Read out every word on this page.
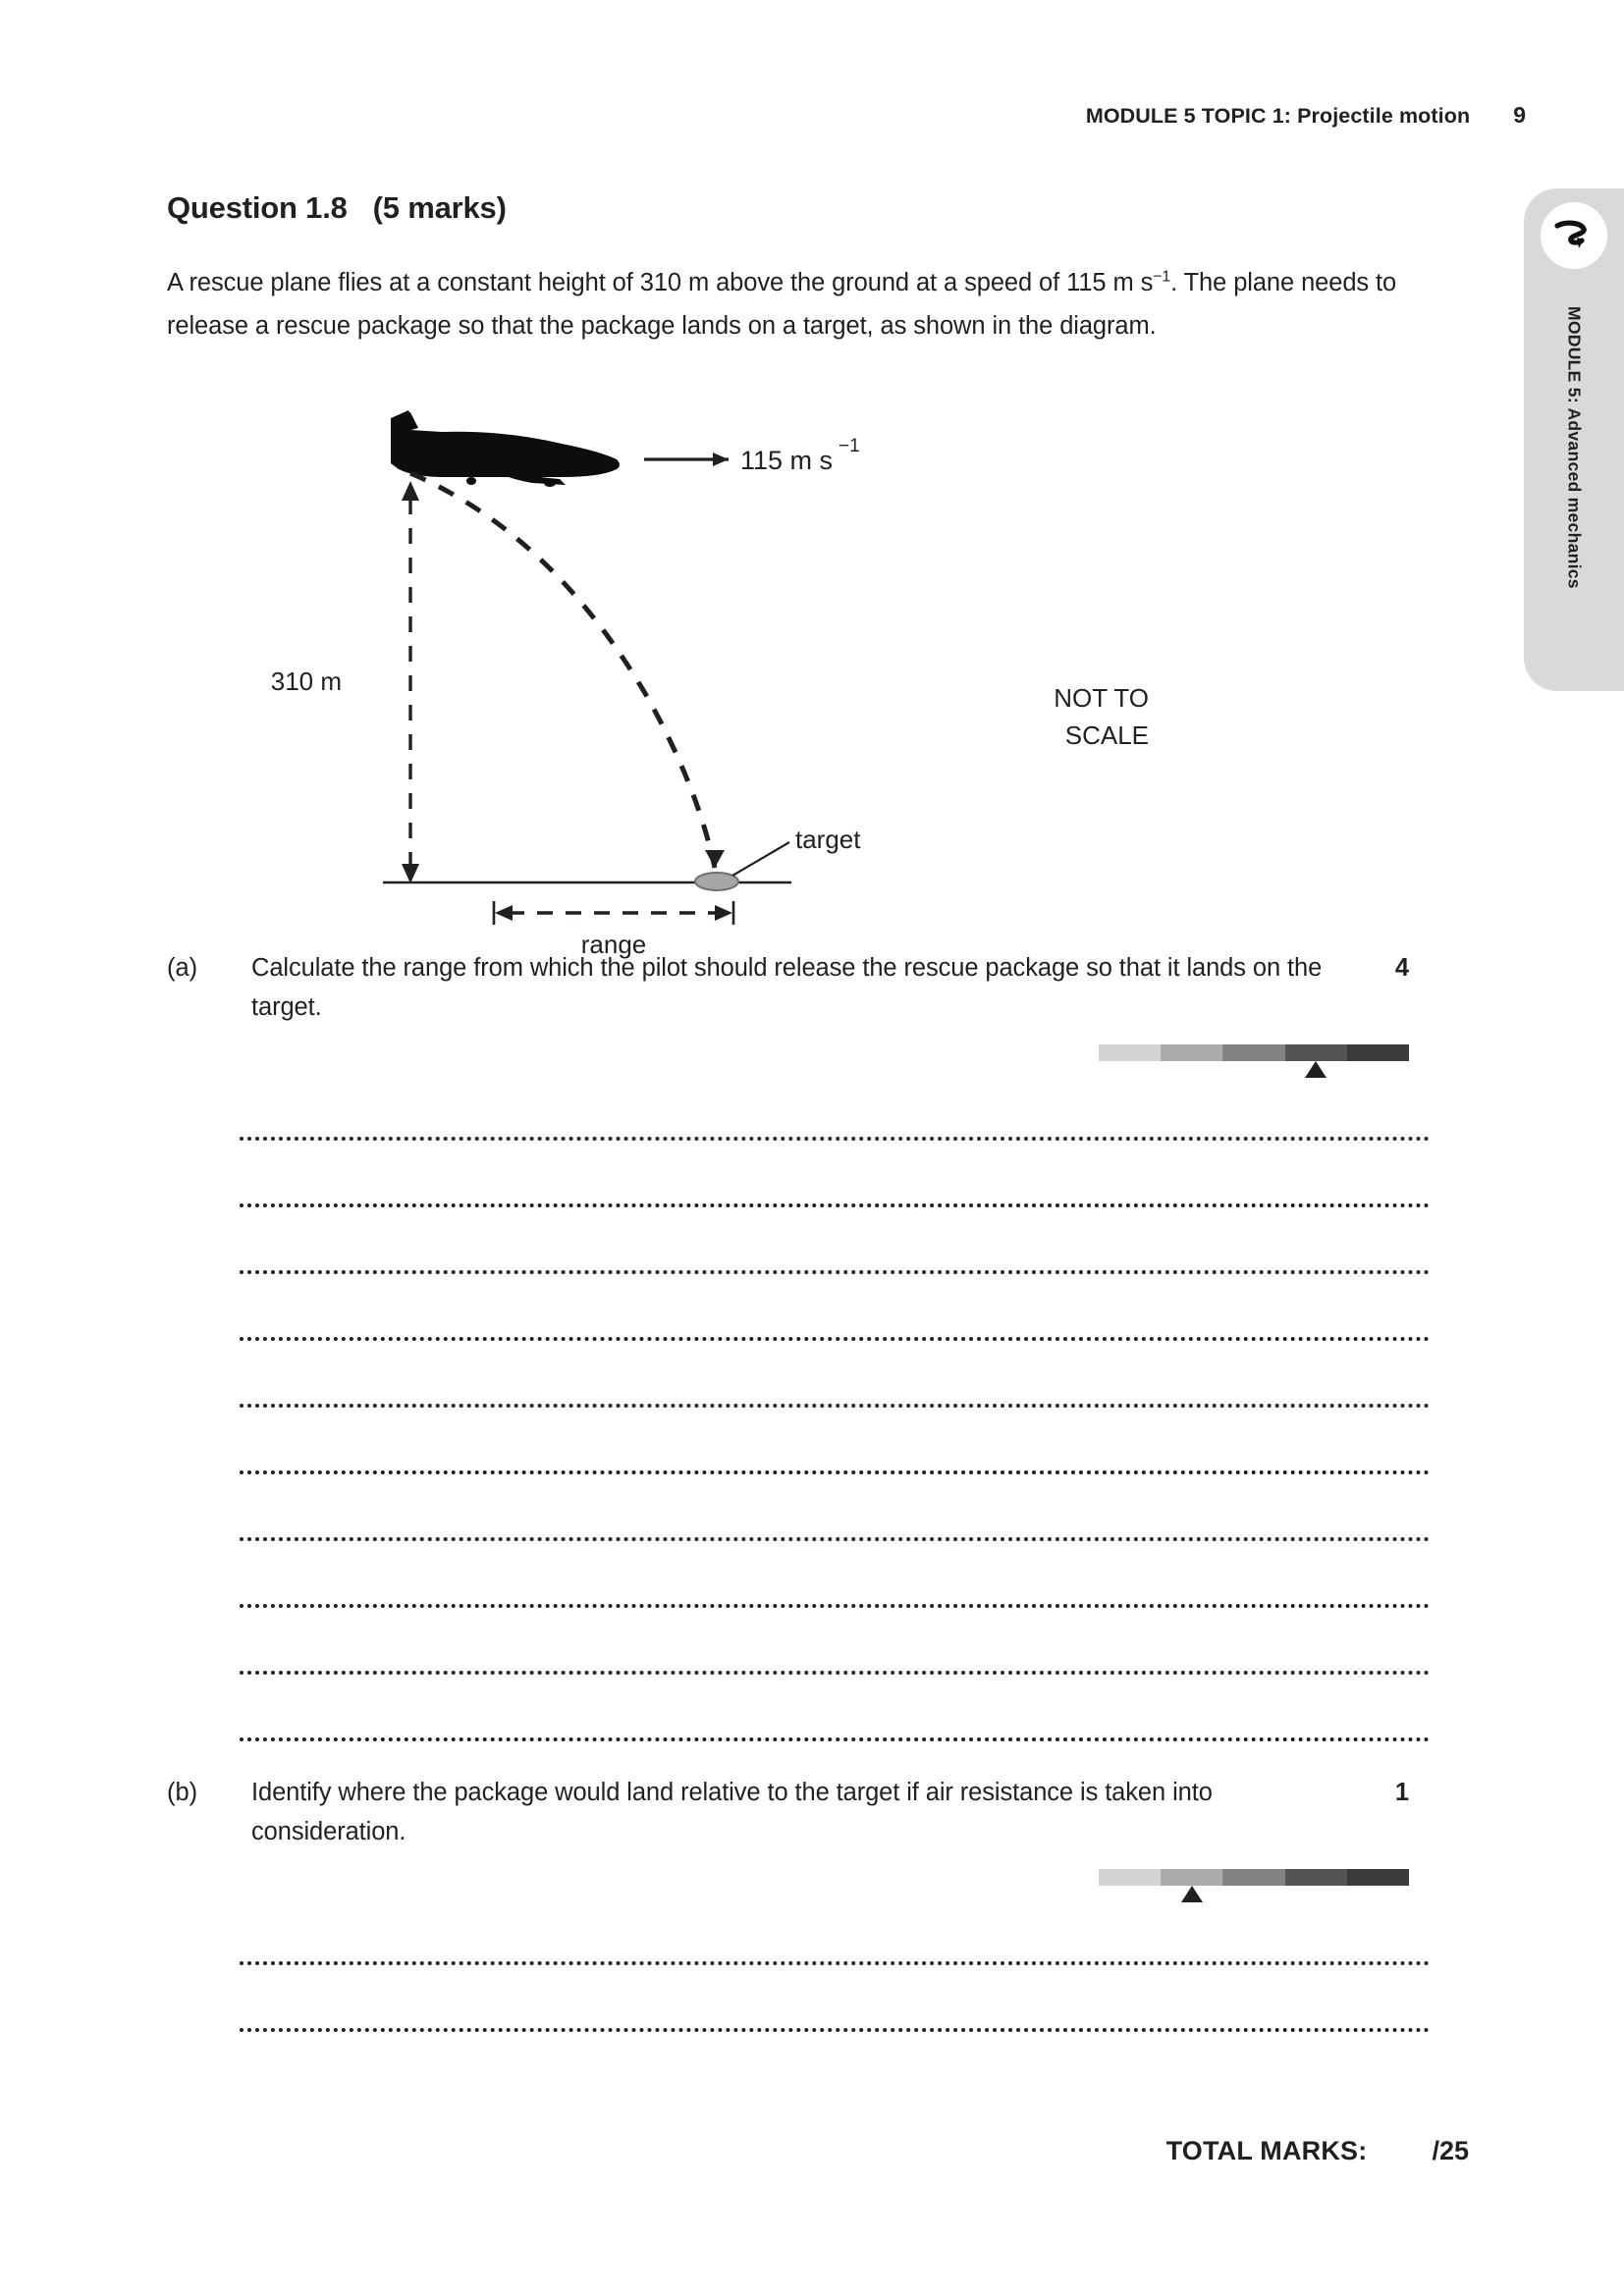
MODULE 5 TOPIC 1: Projectile motion 9
MODULE 5: Advanced mechanics
Question 1.8 (5 marks)
A rescue plane flies at a constant height of 310 m above the ground at a speed of 115 m $s^{-1}$. The plane needs to release a rescue package so that the package lands on a target, as shown in the diagram.
115 m s −1
310 m
target
range
NOT TO
SCALE
(a)	Calculate the range from which the pilot should release the rescue package so that it lands on the target.
4
(b)	Identify where the package would land relative to the target if air resistance is taken into consideration.
1
TOTAL MARKS: /25
